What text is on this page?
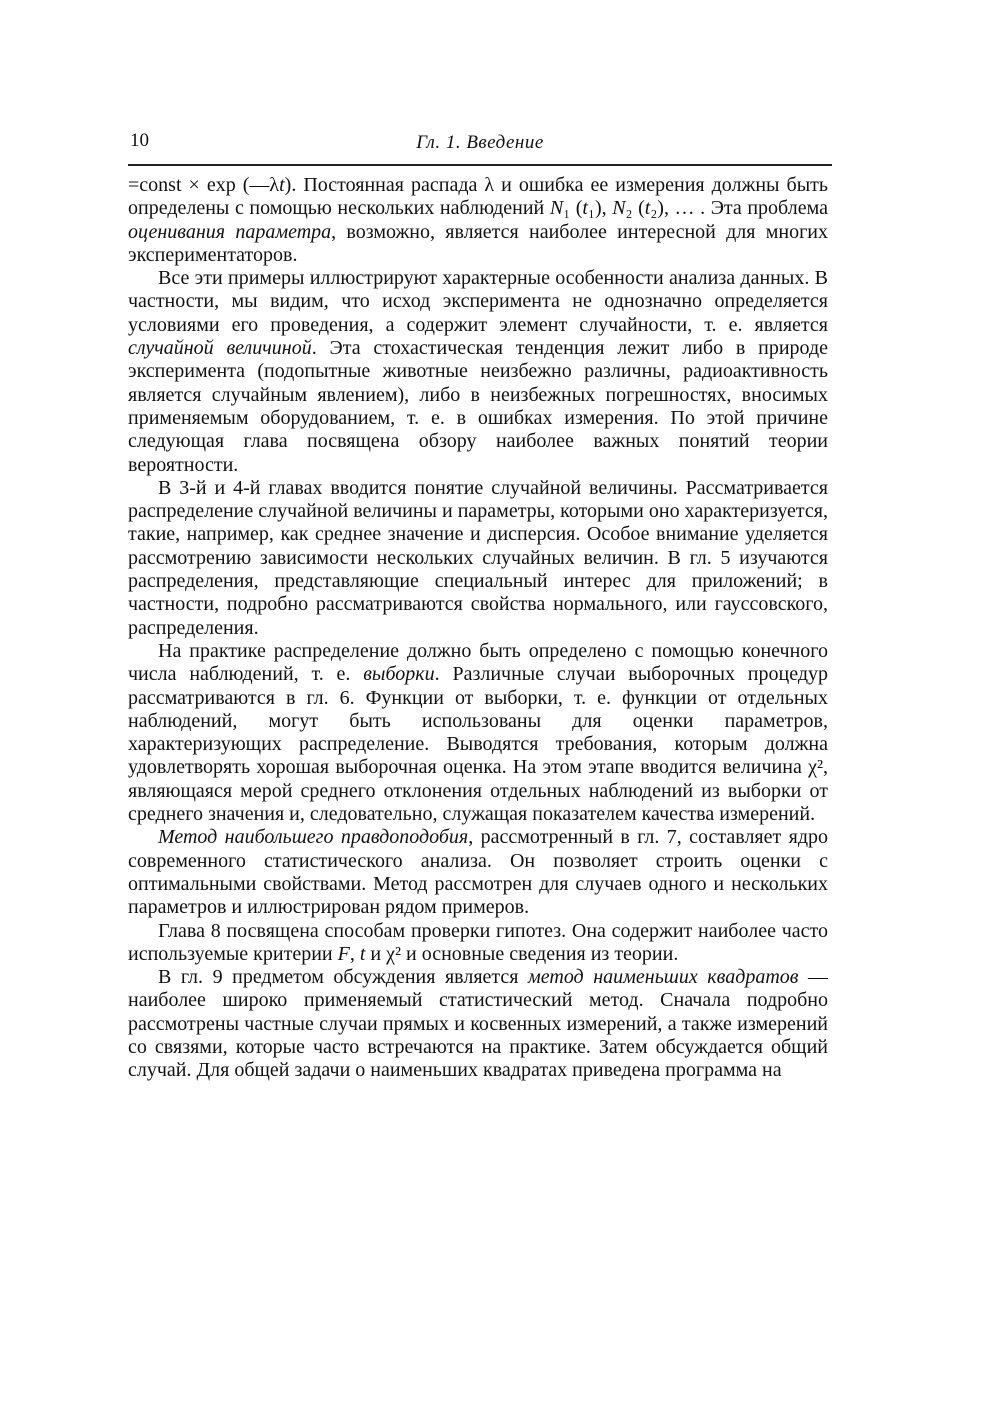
10	Гл. 1. Введение

=const × exp (—λt). Постоянная распада λ и ошибка ее измерения должны быть определены с помощью нескольких наблюдений N₁ (t₁), N₂ (t₂), … . Эта проблема оценивания параметра, возможно, является наиболее интересной для многих экспериментаторов.

Все эти примеры иллюстрируют характерные особенности анализа данных. В частности, мы видим, что исход эксперимента не однозначно определяется условиями его проведения, а содержит элемент случайности, т. е. является случайной величиной. Эта стохастическая тенденция лежит либо в природе эксперимента (подопытные животные неизбежно различны, радиоактивность является случайным явлением), либо в неизбежных погрешностях, вносимых применяемым оборудованием, т. е. в ошибках измерения. По этой причине следующая глава посвящена обзору наиболее важных понятий теории вероятности.

В 3-й и 4-й главах вводится понятие случайной величины. Рассматривается распределение случайной величины и параметры, которыми оно характеризуется, такие, например, как среднее значение и дисперсия. Особое внимание уделяется рассмотрению зависимости нескольких случайных величин. В гл. 5 изучаются распределения, представляющие специальный интерес для приложений; в частности, подробно рассматриваются свойства нормального, или гауссовского, распределения.

На практике распределение должно быть определено с помощью конечного числа наблюдений, т. е. выборки. Различные случаи выборочных процедур рассматриваются в гл. 6. Функции от выборки, т. е. функции от отдельных наблюдений, могут быть использованы для оценки параметров, характеризующих распределение. Выводятся требования, которым должна удовлетворять хорошая выборочная оценка. На этом этапе вводится величина χ², являющаяся мерой среднего отклонения отдельных наблюдений из выборки от среднего значения и, следовательно, служащая показателем качества измерений.

Метод наибольшего правдоподобия, рассмотренный в гл. 7, составляет ядро современного статистического анализа. Он позволяет строить оценки с оптимальными свойствами. Метод рассмотрен для случаев одного и нескольких параметров и иллюстрирован рядом примеров.

Глава 8 посвящена способам проверки гипотез. Она содержит наиболее часто используемые критерии F, t и χ² и основные сведения из теории.

В гл. 9 предметом обсуждения является метод наименьших квадратов — наиболее широко применяемый статистический метод. Сначала подробно рассмотрены частные случаи прямых и косвенных измерений, а также измерений со связями, которые часто встречаются на практике. Затем обсуждается общий случай. Для общей задачи о наименьших квадратах приведена программа на
